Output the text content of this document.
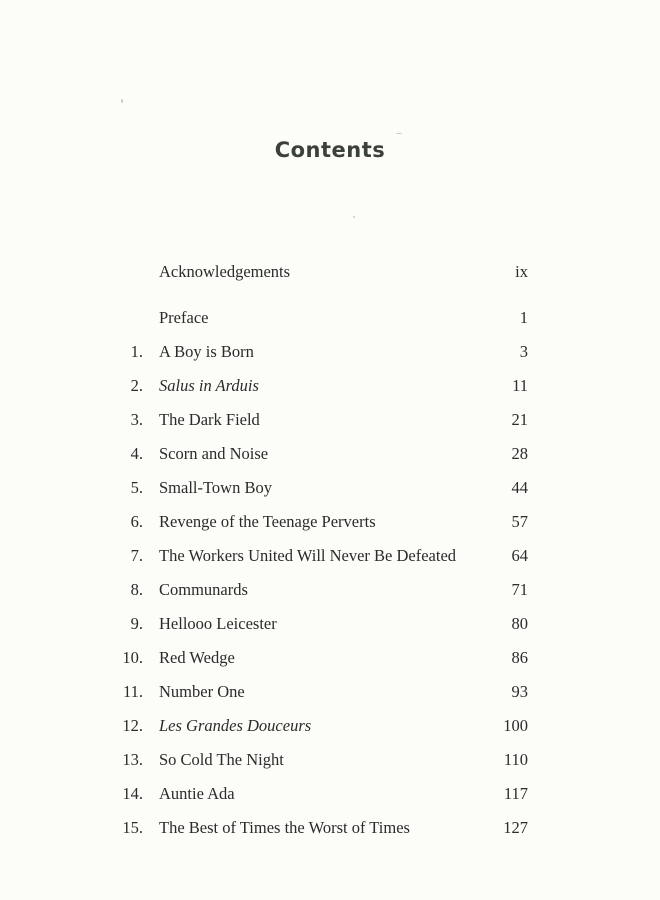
Contents
Acknowledgements	ix
Preface	1
1. A Boy is Born	3
2. Salus in Arduis	11
3. The Dark Field	21
4. Scorn and Noise	28
5. Small-Town Boy	44
6. Revenge of the Teenage Perverts	57
7. The Workers United Will Never Be Defeated	64
8. Communards	71
9. Hellooo Leicester	80
10. Red Wedge	86
11. Number One	93
12. Les Grandes Douceurs	100
13. So Cold The Night	110
14. Auntie Ada	117
15. The Best of Times the Worst of Times	127
